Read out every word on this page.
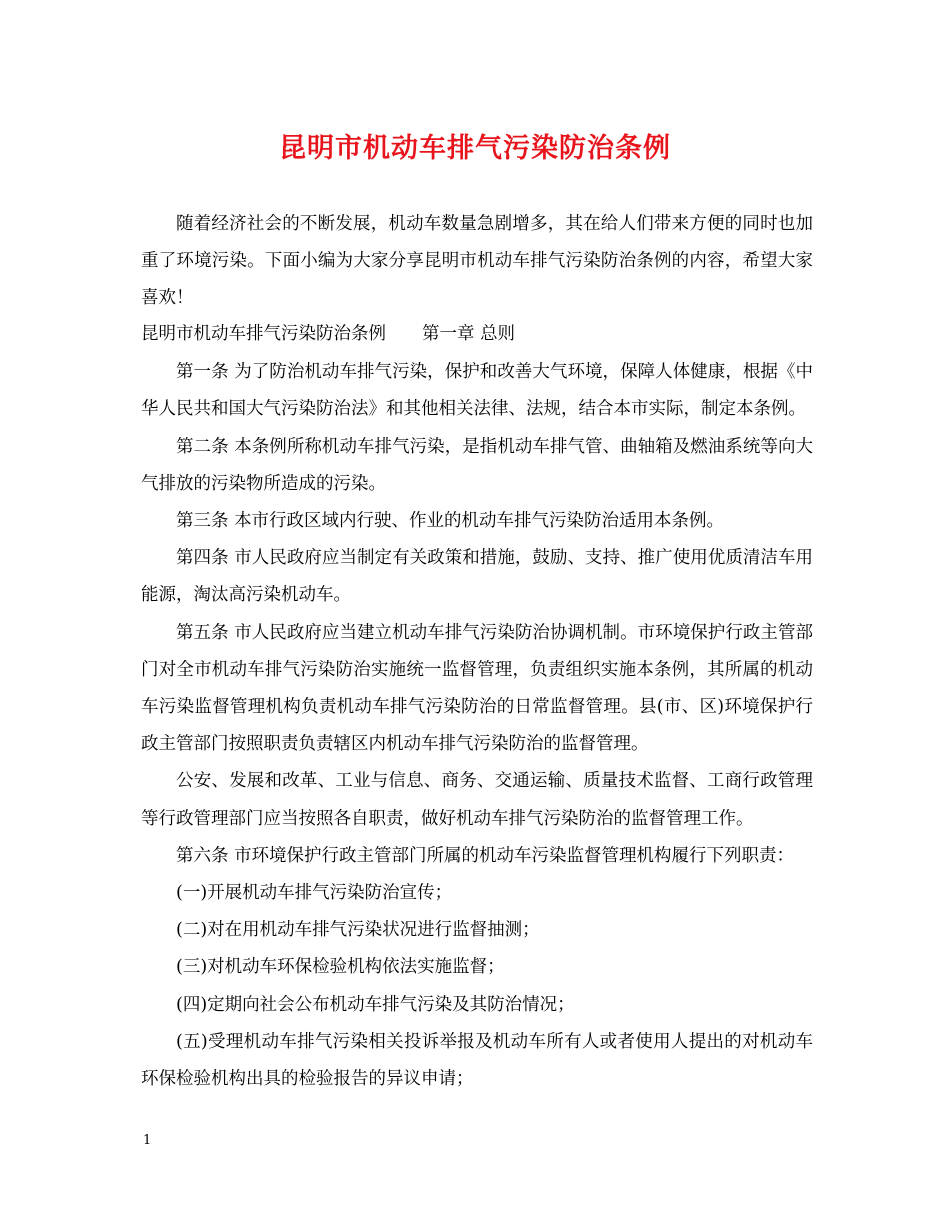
昆明市机动车排气污染防治条例

随着经济社会的不断发展，机动车数量急剧增多，其在给人们带来方便的同时也加重了环境污染。下面小编为大家分享昆明市机动车排气污染防治条例的内容，希望大家喜欢！

昆明市机动车排气污染防治条例 第一章 总则

第一条 为了防治机动车排气污染，保护和改善大气环境，保障人体健康，根据《中华人民共和国大气污染防治法》和其他相关法律、法规，结合本市实际，制定本条例。

第二条 本条例所称机动车排气污染，是指机动车排气管、曲轴箱及燃油系统等向大气排放的污染物所造成的污染。

第三条 本市行政区域内行驶、作业的机动车排气污染防治适用本条例。

第四条 市人民政府应当制定有关政策和措施，鼓励、支持、推广使用优质清洁车用能源，淘汰高污染机动车。

第五条 市人民政府应当建立机动车排气污染防治协调机制。市环境保护行政主管部门对全市机动车排气污染防治实施统一监督管理，负责组织实施本条例，其所属的机动车污染监督管理机构负责机动车排气污染防治的日常监督管理。县(市、区)环境保护行政主管部门按照职责负责辖区内机动车排气污染防治的监督管理。

公安、发展和改革、工业与信息、商务、交通运输、质量技术监督、工商行政管理等行政管理部门应当按照各自职责，做好机动车排气污染防治的监督管理工作。

第六条 市环境保护行政主管部门所属的机动车污染监督管理机构履行下列职责：

(一)开展机动车排气污染防治宣传；

(二)对在用机动车排气污染状况进行监督抽测；

(三)对机动车环保检验机构依法实施监督；

(四)定期向社会公布机动车排气污染及其防治情况；

(五)受理机动车排气污染相关投诉举报及机动车所有人或者使用人提出的对机动车环保检验机构出具的检验报告的异议申请；

1
